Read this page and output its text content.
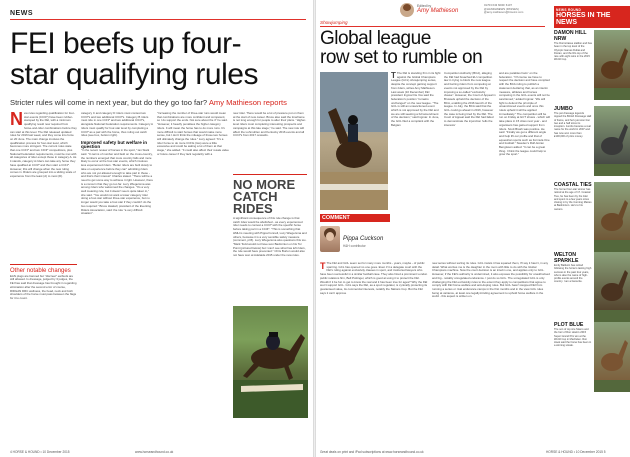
NEWS
FEI beefs up four-
star qualifying rules

Stricter rules will come in next year, but do they go too far? Amy Mathieson reports

N ew rules regarding qualification for four-star events (CCI4*) have been rubber-stamped by the FEI, with a minimum qualifying result now required from horse-and-rider combinations before they can start at this level. The FEI released updated rules for 2016 last week, and they come into force on 20 June. The main change involves the qualification process for four-star level, which becomes more stringent. The current rules state that one CCI3* and two CIC3* competitions, plus National Federation requirements, must be met with all categories of rider except those in category A. As it stands, category A riders can take any horse they have qualified at CCI3* and then start a CCI4*. However, this will change when the new ruling comes in. Riders are grouped into a sliding scale of experience from the least (A) to most (D).
Other notable changes
EAN plugs are banned but "discreet" earbuds are still allowed. Is dressage, judged by 3 judges, the FEI has said that dressage has brought in regarding elimination after the second error of course, RIDGAN DRC wellness, the head, neck and both shoulders of the horse must pass between the flags for it to count.
category C and category D riders must contest two CCI3*s and two additional CIC3*s. Category B riders must ride in one CCI3* and two additional CIC3*s, alongside National Federation requirements. Category A riders must qualify for four-star level by completing a CCI3* as a pair with the horse, thus ruling out catch rides (see box, bottom right).
Improved safety but welfare in question
"In the recent review of horses in the sport," Ian Stark said. "In terms of number and fault on the cross-country, the numbers emerged that more country falls and more likely to occur at the four-star events, which involves less experienced riders. "Better riders are built slowly to take on experience before they can" admitting riders who are not yet allowed enough to take part in these - and that's their interest" Charles stated. "There will be a need to get some way to achieve it right. However, there is a concern that they go too far. Lucy Wiegersma was among riders who welcomed the changes. "It's a very well meaning rule, but it doesn't seem quite taken in," she said. "You would not want a lower category rider doing a four-star without three-star experience, but no longer would you take a four-star if they couldn't do the two required." Bruce Haskell, president of the Eventing Riders Association, said: the rule "a very difficult situation".
"Increasing the number of three-star runs would mean that combinations are more confident and competent, so I do support the ends. Not sure about the it" he said. "However, it heavily penalises the higher category riders. It will mean the horse has to do more runs. It's more difficult to start horses that would make more sense, but I don't think the mileage of those two horses will ultimately change the rules." Lucy agreed: "It's a rider horse to do more CCI3s (two) were a little excessive and could be asking a lot of them at that stage," she added. "It could also affect their resale value or future career if they lack regularity with a
new rider. There would be a lot of pressure put on them at the start of new career. Bruce also said the timeframe is not long enough for people to alter their plans. "Higher-level riders must completing interesting prospects and campaigns at this late stage," he said. The new rule will affect the Luhmuhlen and Kentucky 2016 events and all CCI4*s from 2017 onwards.
NO MORE CATCH RIDES
A significant consequence of this rule change is that catch rides would be abolished - as every experienced rider needs to contest a CCI3* with the specific horse before taking part in a CCI4*. "This is something that HMH is meeting with Pippa Funnell, Lucy Wiegersma and others, because it is a very sensible safety measure (comment, p15). Lucy Wiegersma also questions this too. "Mark Todd would not have won Badminton on his Tor Point (pictured below) but I can't see what has left riders, the rule would have prevented." Chris Burton would also not have won at Adelaide 2015 under the new rules.
4 HORSE & HOUND • 10 December 2015	www.horseandhound.co.uk
Edited by
Amy Mathieson
01703 643 6000/ 6107
@HANDHNEWS (PASSES)
@amy.mathieson@timeinc.com
Showjumping
Global league
row set to rumble on
T The FEI is standing firm in its fight against the Global Champions League (GCL) showjumping series, despite the concept gaining support from riders, writes Amy Mathieson. Last week (10 December) FEI president Ingmar De Vos said the federation's position "remains unchanged" on the new league. "The GCL is still an unsanctioned event which is not approved by the FEI and we are still seeking a full amendment of the decision," said Ingmar. In June, the GCL filed a complaint with the Belgian
Competition Authority (BCA), alleging the FEI had breached EU competition law in trying to block the new league and barring riders from competing at events not approved by the FEI by imposing a so-called "exclusivity clause". However, the Court of Appeal in Brussels upheld the decision of the BCA, enabling the 2016 launch of the league. In July, the BCA said that the GCL could go ahead in 2016, however the case is being tried by the FEI. The Court of Appeal said the FEI had failed to demonstrate the injunction 'tells the interests'
and are parables harm' on the federation. "Of course we have to respect the decision and have complied with the BCA ruling to publish a statement declaring that, as an interim measure, athletes and horses competing in the GCL events will not be sanctioned," added Ingmar. "We will fight to defend the principle of unsanctioned events and once this ruleis upheld it will be applied immediately." The competition will be run on Friday at GCT shows - which will take place in 15 cities next year - and organisers has gained support from riders. Scott Brash was positive. He said: "Finally we get a different angle and help lift our profile and that of equestrian sports such as Formula One and football." Sweden's Rolf-Göran Bengtsson added: "It can be a great thing. I think the league could help to grow the sport."
COMMENT
Pippa Cuckson
H&H contributor
T The FEI and GCL seem set for many more months - years, maybe - of public sparring. GCL has opened no one goes. Even if it a delegate court with the FEI's ruling against exclusivity clauses in sport, and instructed lawyers who have been successful in a similar football case. They also hired a prominent London public relations firm, Bell Pottinger, which is good at using it to protect the FEI. Wouldn't it be fun to get to know the real and it has been true for ages? Why the FEI won't support GCL. GCL says the FEI, as a sport regulator, is cynically protecting its guaranteed value, its commercial interests, notably the Nations Cup. But the FEI says it can't approve
new series without sorting its rules. GCL insists it has squared them, I'll say it hasn't, in any detail. What worries me is the daughter in the room with little to do with the Global Champions machine. Now the court decision is an interim one, and applies only to GCL. However, if the FEI's authority is undermined, it also exposes the possibility for unauthorised and big - notably unregulated endurance. I just do so GCL. The unregulated GCL is only challenging the FEI exclusivity rules to the extent they apply to competitions that agree to comply with FEI horse welfare and anti-doping rules. But GCL hasn't stopped FEI from running a series or rival endurance camps in the first months and in the view GCL rules being at variance, at least one legally-binding agreement to uphold horse welfare in the world - this aspect is written on.
NEWS ROUND
HORSES IN THE NEWS
DAMON HILL NRW
The Dornstrasse stallion and has been in the top level of the Olympic Games Dubai and Dorian, and the Rio top of the rare with eight wins in the 2015 World Cup.
JUMBO
The pet dressage legends topped the British Dressage Hall of Fame, and he's just won four two and a half since its inception. Jumbo became a real name for the world in 2007 and has now won more than £100,000 of prize money.
COASTAL TIES
The former four-star winner has retired at the age of 17. Coastal Ties, he has been by his rider and spent to a few years since closing in by the Cunning Maries at Badminton. He's to his owners.
WELTON SPARKLE
Emily Baldwin has retired following the horse's lasting high success in the past four years, who is also the name of high-profile events around the country. I am a favourite.
PLOT BLUE
The son of top sire Mauro and the heir of Ron Hoek's 2015 Super Grand Prix win at the World Cup in Mechelen. Ron Hoek said the horse has been in a winning streak.
Great deals on print and iPad subscriptions at www.horseandhound.co.uk	HORSE & HOUND • 10 December 2015 5
